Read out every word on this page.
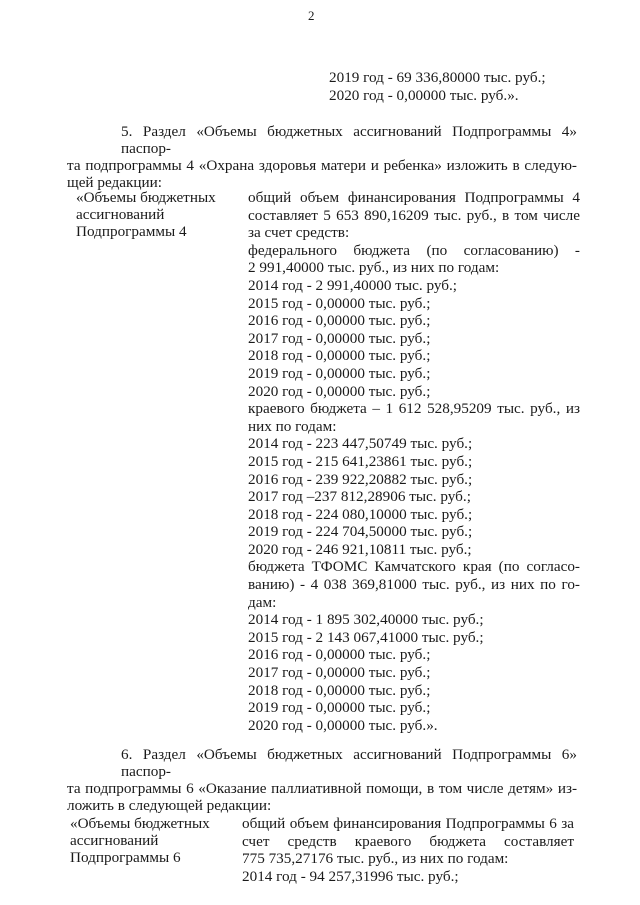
2
2019 год - 69 336,80000 тыс. руб.;
2020 год - 0,00000 тыс. руб.».
5. Раздел «Объемы бюджетных ассигнований Подпрограммы 4» паспор-
та подпрограммы 4 «Охрана здоровья матери и ребенка» изложить в следую-
щей редакции:
«Объемы бюджетных
ассигнований
Подпрограммы 4
общий объем финансирования Подпрограммы 4
составляет 5 653 890,16209 тыс. руб., в том числе
за счет средств:
федерального бюджета (по согласованию) -
2 991,40000 тыс. руб., из них по годам:
2014 год - 2 991,40000 тыс. руб.;
2015 год - 0,00000 тыс. руб.;
2016 год - 0,00000 тыс. руб.;
2017 год - 0,00000 тыс. руб.;
2018 год - 0,00000 тыс. руб.;
2019 год - 0,00000 тыс. руб.;
2020 год - 0,00000 тыс. руб.;
краевого бюджета – 1 612 528,95209 тыс. руб., из
них по годам:
2014 год - 223 447,50749 тыс. руб.;
2015 год - 215 641,23861 тыс. руб.;
2016 год - 239 922,20882 тыс. руб.;
2017 год –237 812,28906 тыс. руб.;
2018 год - 224 080,10000 тыс. руб.;
2019 год - 224 704,50000 тыс. руб.;
2020 год - 246 921,10811 тыс. руб.;
бюджета ТФОМС Камчатского края (по согласо-
ванию) - 4 038 369,81000 тыс. руб., из них по го-
дам:
2014 год - 1 895 302,40000 тыс. руб.;
2015 год - 2 143 067,41000 тыс. руб.;
2016 год - 0,00000 тыс. руб.;
2017 год - 0,00000 тыс. руб.;
2018 год - 0,00000 тыс. руб.;
2019 год - 0,00000 тыс. руб.;
2020 год - 0,00000 тыс. руб.».
6. Раздел «Объемы бюджетных ассигнований Подпрограммы 6» паспор-
та подпрограммы 6 «Оказание паллиативной помощи, в том числе детям» из-
ложить в следующей редакции:
«Объемы бюджетных
ассигнований
Подпрограммы 6
общий объем финансирования Подпрограммы 6 за
счет средств краевого бюджета составляет
775 735,27176 тыс. руб., из них по годам:
2014 год - 94 257,31996 тыс. руб.;
